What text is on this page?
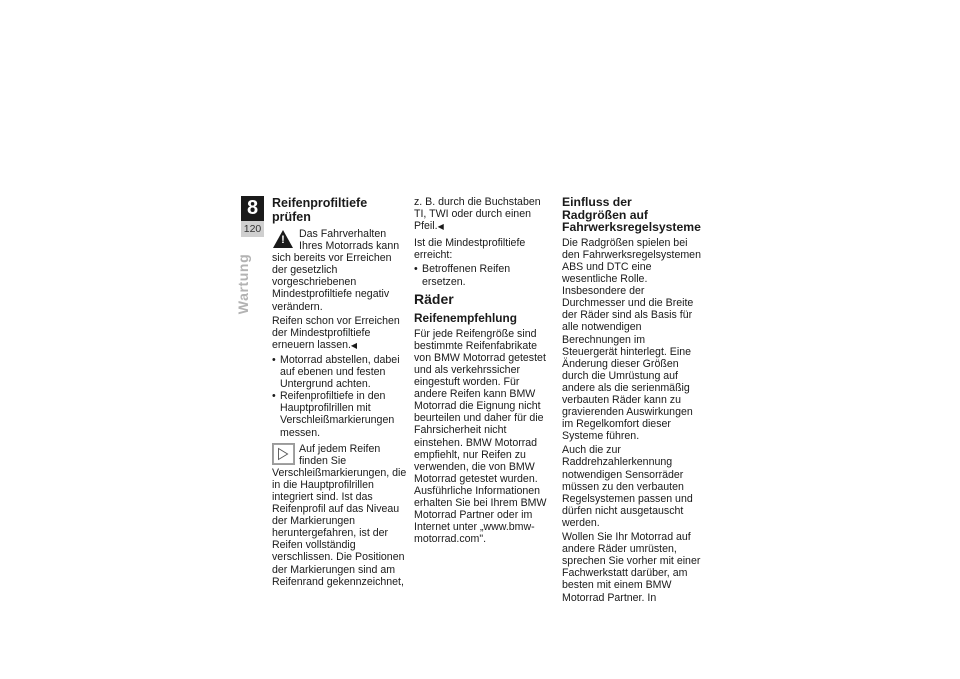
8
120
Wartung
Reifenprofiltiefe prüfen
!	Das Fahrverhalten Ihres Motorrads kann sich bereits vor Erreichen der gesetzlich vorgeschriebenen Mindestprofiltiefe negativ verändern.

Reifen schon vor Erreichen der Mindestprofiltiefe erneuern lassen.◀

• Motorrad abstellen, dabei auf ebenen und festen Untergrund achten.
• Reifenprofiltiefe in den Hauptprofilrillen mit Verschleißmarkierungen messen.

Auf jedem Reifen finden Sie Verschleißmarkierungen, die in die Hauptprofilrillen integriert sind. Ist das Reifenprofil auf das Niveau der Markierungen heruntergefahren, ist der Reifen vollständig verschlissen. Die Positionen der Markierungen sind am Reifenrand gekennzeichnet,

z. B. durch die Buchstaben TI, TWI oder durch einen Pfeil.◀

Ist die Mindestprofiltiefe erreicht:

• Betroffenen Reifen ersetzen.
Räder
Reifenempfehlung

Für jede Reifengröße sind bestimmte Reifenfabrikate von BMW Motorrad getestet und als verkehrssicher eingestuft worden. Für andere Reifen kann BMW Motorrad die Eignung nicht beurteilen und daher für die Fahrsicherheit nicht einstehen. BMW Motorrad empfiehlt, nur Reifen zu verwenden, die von BMW Motorrad getestet wurden. Ausführliche Informationen erhalten Sie bei Ihrem BMW Motorrad Partner oder im Internet unter „www.bmw-motorrad.com".

Einfluss der
Radgrößen auf
Fahrwerksregelsysteme

Die Radgrößen spielen bei den Fahrwerksregelsystemen ABS und DTC eine wesentliche Rolle. Insbesondere der Durchmesser und die Breite der Räder sind als Basis für alle notwendigen Berechnungen im Steuergerät hinterlegt. Eine Änderung dieser Größen durch die Umrüstung auf andere als die serienmäßig verbauten Räder kann zu gravierenden Auswirkungen im Regelkomfort dieser Systeme führen.

Auch die zur Raddrehzahlerkennung notwendigen Sensorräder müssen zu den verbauten Regelsystemen passen und dürfen nicht ausgetauscht werden.

Wollen Sie Ihr Motorrad auf andere Räder umrüsten, sprechen Sie vorher mit einer Fachwerkstatt darüber, am besten mit einem BMW Motorrad Partner. In
